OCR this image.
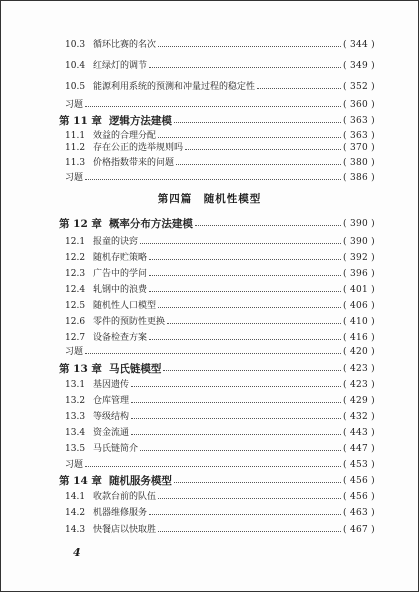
10.3 循环比赛的名次	( 344 )
10.4 红绿灯的调节	( 349 )
10.5 能源利用系统的预测和冲量过程的稳定性	( 352 )
习题	( 360 )
第 11 章 逻辑方法建模	( 363 )
11.1 效益的合理分配	( 363 )
11.2 存在公正的选举规则吗	( 370 )
11.3 价格指数带来的问题	( 380 )
习题	( 386 )
第四篇　随机性模型
第 12 章 概率分布方法建模	( 390 )
12.1 报童的诀窍	( 390 )
12.2 随机存贮策略	( 392 )
12.3 广告中的学问	( 396 )
12.4 轧钢中的浪费	( 401 )
12.5 随机性人口模型	( 406 )
12.6 零件的预防性更换	( 410 )
12.7 设备检查方案	( 416 )
习题	( 420 )
第 13 章 马氏链模型	( 423 )
13.1 基因遗传	( 423 )
13.2 仓库管理	( 429 )
13.3 等级结构	( 432 )
13.4 资金流通	( 443 )
13.5 马氏链简介	( 447 )
习题	( 453 )
第 14 章 随机服务模型	( 456 )
14.1 收款台前的队伍	( 456 )
14.2 机器维修服务	( 463 )
14.3 快餐店以快取胜	( 467 )
4
